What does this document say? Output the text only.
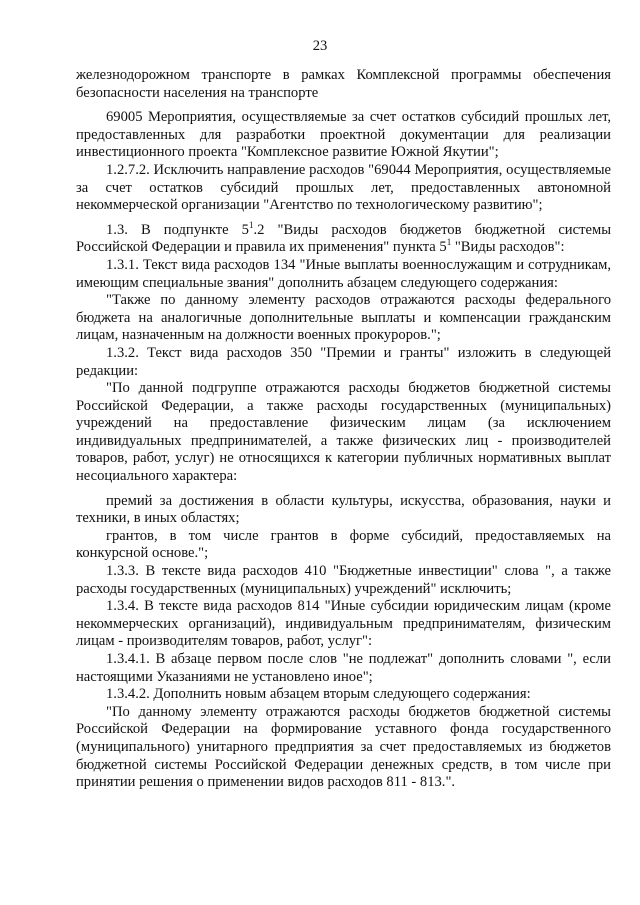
23

железнодорожном транспорте в рамках Комплексной программы обеспечения безопасности населения на транспорте

69005 Мероприятия, осуществляемые за счет остатков субсидий прошлых лет, предоставленных для разработки проектной документации для реализации инвестиционного проекта "Комплексное развитие Южной Якутии";

1.2.7.2. Исключить направление расходов "69044 Мероприятия, осуществляемые за счет остатков субсидий прошлых лет, предоставленных автономной некоммерческой организации "Агентство по технологическому развитию";

1.3. В подпункте $5^1.2$ "Виды расходов бюджетов бюджетной системы Российской Федерации и правила их применения" пункта $5^1$ "Виды расходов":

1.3.1. Текст вида расходов 134 "Иные выплаты военнослужащим и сотрудникам, имеющим специальные звания" дополнить абзацем следующего содержания:

"Также по данному элементу расходов отражаются расходы федерального бюджета на аналогичные дополнительные выплаты и компенсации гражданским лицам, назначенным на должности военных прокуроров.";

1.3.2. Текст вида расходов 350 "Премии и гранты" изложить в следующей редакции:

"По данной подгруппе отражаются расходы бюджетов бюджетной системы Российской Федерации, а также расходы государственных (муниципальных) учреждений на предоставление физическим лицам (за исключением индивидуальных предпринимателей, а также физических лиц - производителей товаров, работ, услуг) не относящихся к категории публичных нормативных выплат несоциального характера:

премий за достижения в области культуры, искусства, образования, науки и техники, в иных областях;

грантов, в том числе грантов в форме субсидий, предоставляемых на конкурсной основе.";

1.3.3. В тексте вида расходов 410 "Бюджетные инвестиции" слова ", а также расходы государственных (муниципальных) учреждений" исключить;

1.3.4. В тексте вида расходов 814 "Иные субсидии юридическим лицам (кроме некоммерческих организаций), индивидуальным предпринимателям, физическим лицам - производителям товаров, работ, услуг":

1.3.4.1. В абзаце первом после слов "не подлежат" дополнить словами ", если настоящими Указаниями не установлено иное";

1.3.4.2. Дополнить новым абзацем вторым следующего содержания:

"По данному элементу отражаются расходы бюджетов бюджетной системы Российской Федерации на формирование уставного фонда государственного (муниципального) унитарного предприятия за счет предоставляемых из бюджетов бюджетной системы Российской Федерации денежных средств, в том числе при принятии решения о применении видов расходов 811 - 813.".
